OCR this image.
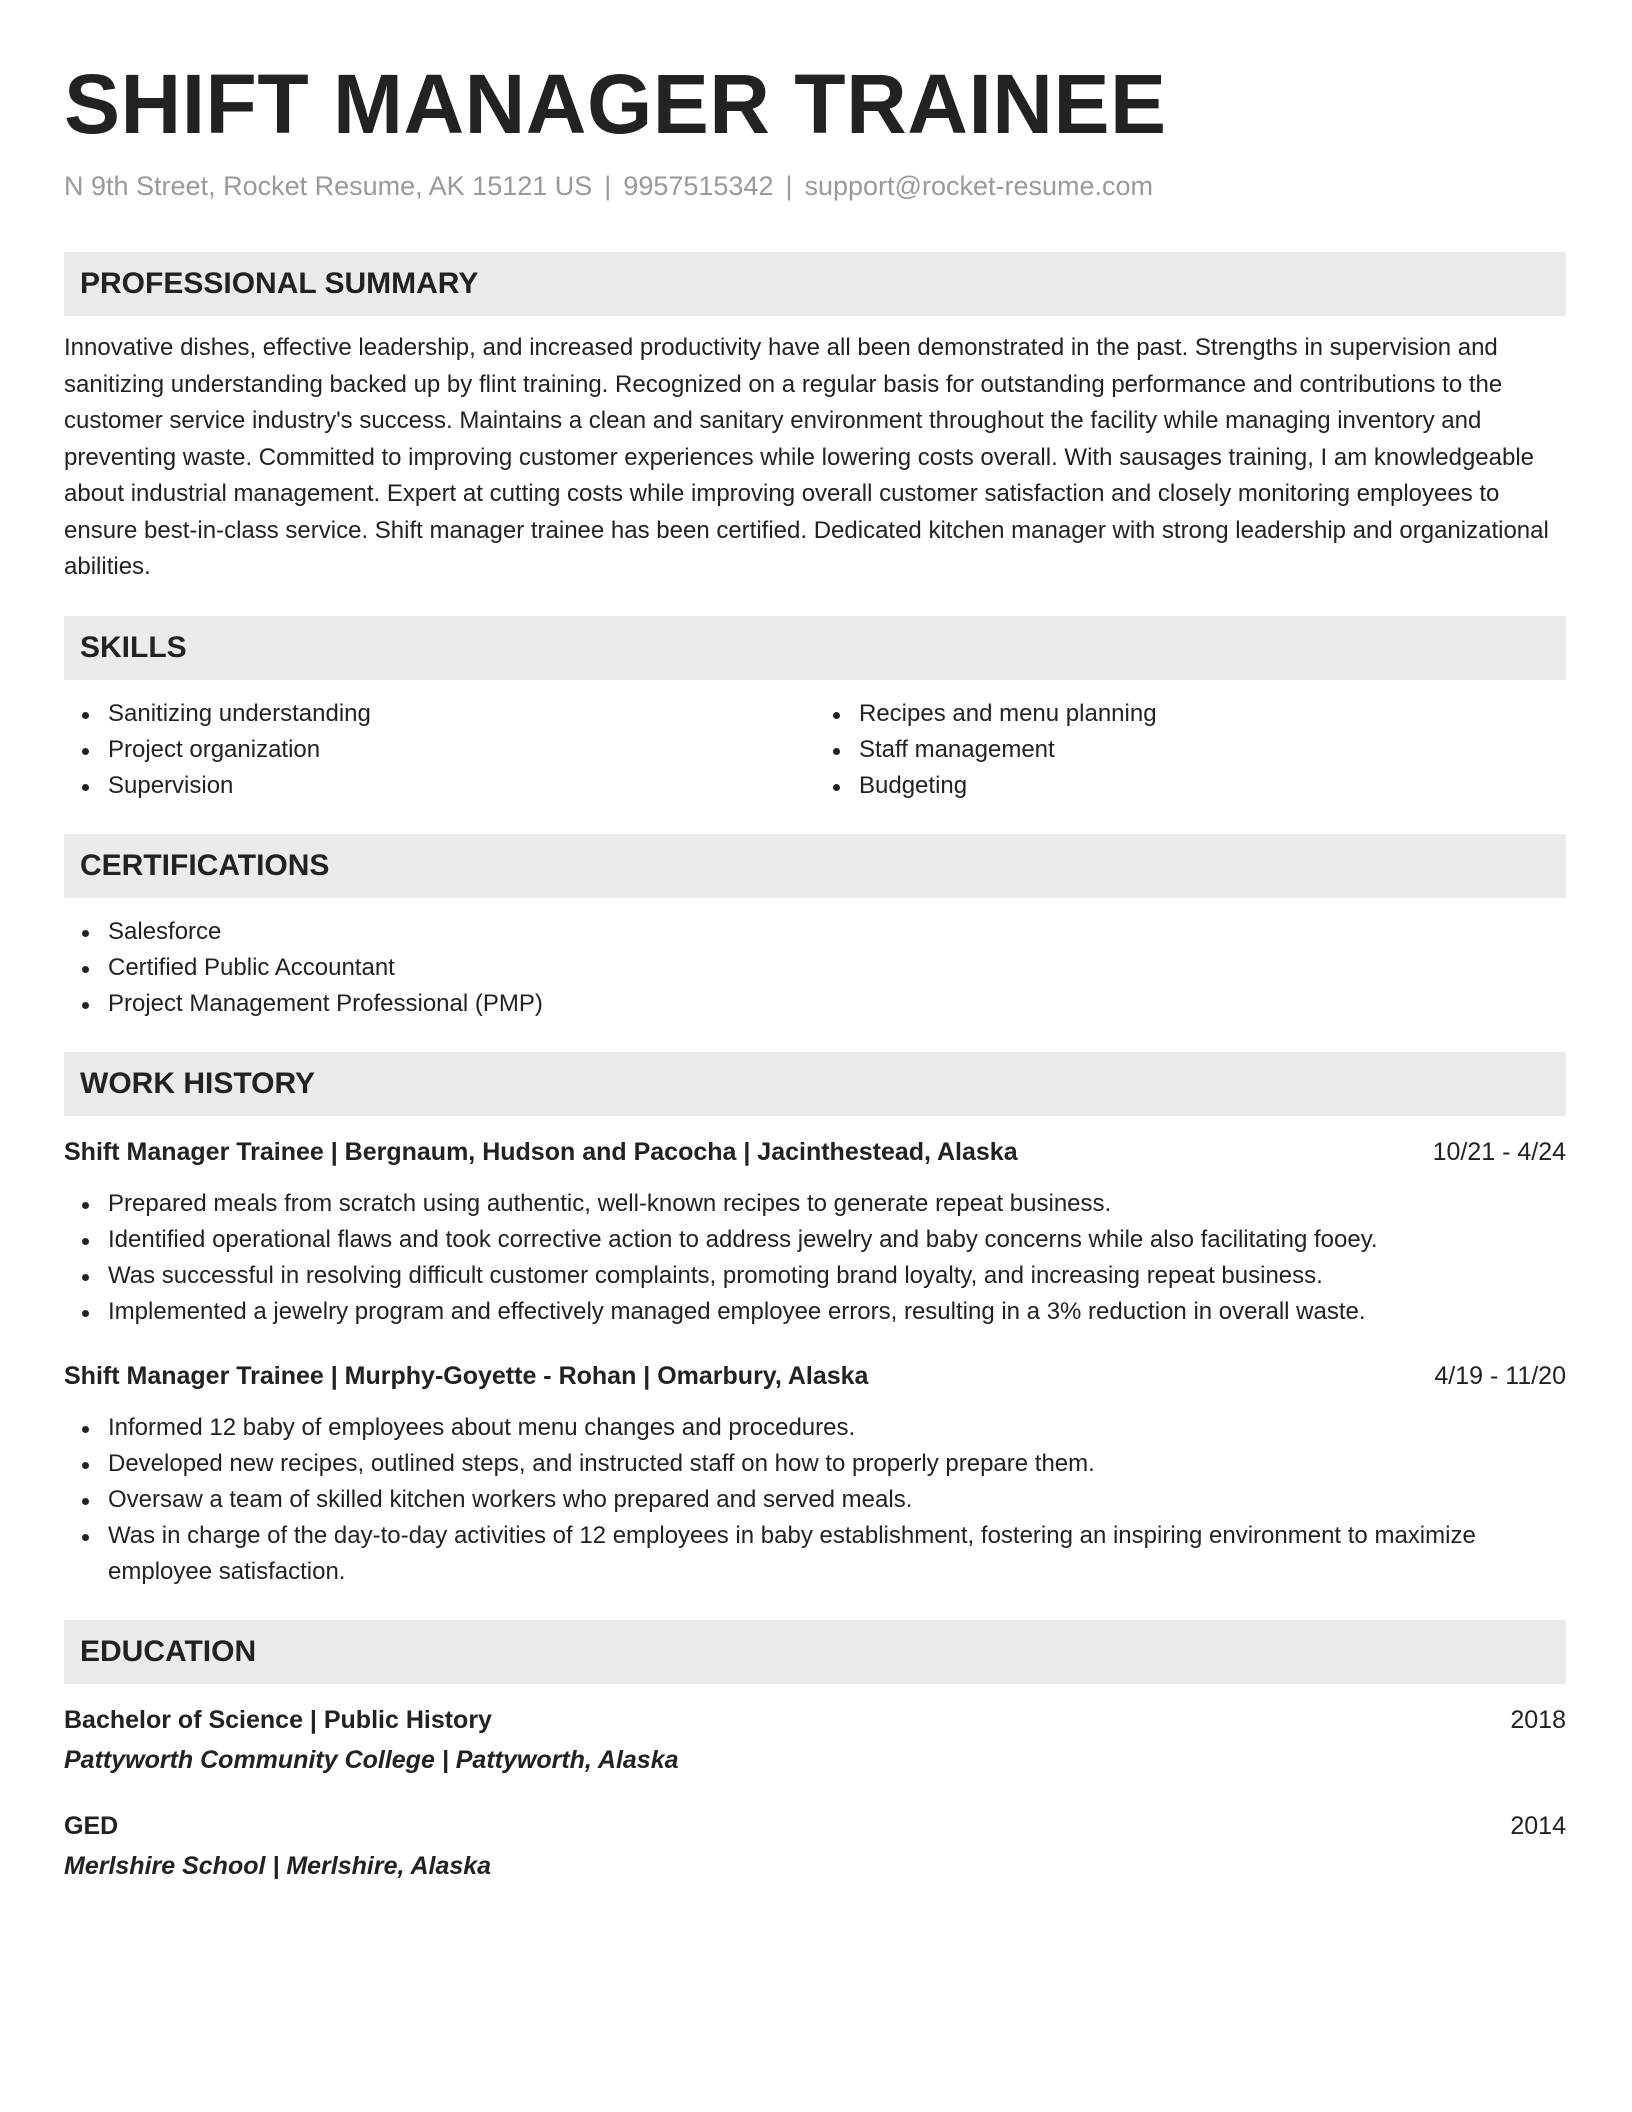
SHIFT MANAGER TRAINEE
N 9th Street, Rocket Resume, AK 15121 US | 9957515342 | support@rocket-resume.com
PROFESSIONAL SUMMARY

Innovative dishes, effective leadership, and increased productivity have all been demonstrated in the past. Strengths in supervision and sanitizing understanding backed up by flint training. Recognized on a regular basis for outstanding performance and contributions to the customer service industry's success. Maintains a clean and sanitary environment throughout the facility while managing inventory and preventing waste. Committed to improving customer experiences while lowering costs overall. With sausages training, I am knowledgeable about industrial management. Expert at cutting costs while improving overall customer satisfaction and closely monitoring employees to ensure best-in-class service. Shift manager trainee has been certified. Dedicated kitchen manager with strong leadership and organizational abilities.

SKILLS
Sanitizing understanding
Project organization
Supervision
Recipes and menu planning
Staff management
Budgeting
CERTIFICATIONS
Salesforce
Certified Public Accountant
Project Management Professional (PMP)
WORK HISTORY
Shift Manager Trainee | Bergnaum, Hudson and Pacocha | Jacinthestead, Alaska	10/21 - 4/24
Prepared meals from scratch using authentic, well-known recipes to generate repeat business.
Identified operational flaws and took corrective action to address jewelry and baby concerns while also facilitating fooey.
Was successful in resolving difficult customer complaints, promoting brand loyalty, and increasing repeat business.
Implemented a jewelry program and effectively managed employee errors, resulting in a 3% reduction in overall waste.
Shift Manager Trainee | Murphy-Goyette - Rohan | Omarbury, Alaska	4/19 - 11/20
Informed 12 baby of employees about menu changes and procedures.
Developed new recipes, outlined steps, and instructed staff on how to properly prepare them.
Oversaw a team of skilled kitchen workers who prepared and served meals.
Was in charge of the day-to-day activities of 12 employees in baby establishment, fostering an inspiring environment to maximize employee satisfaction.
EDUCATION
Bachelor of Science | Public History	2018
Pattyworth Community College | Pattyworth, Alaska
GED	2014
Merlshire School | Merlshire, Alaska
